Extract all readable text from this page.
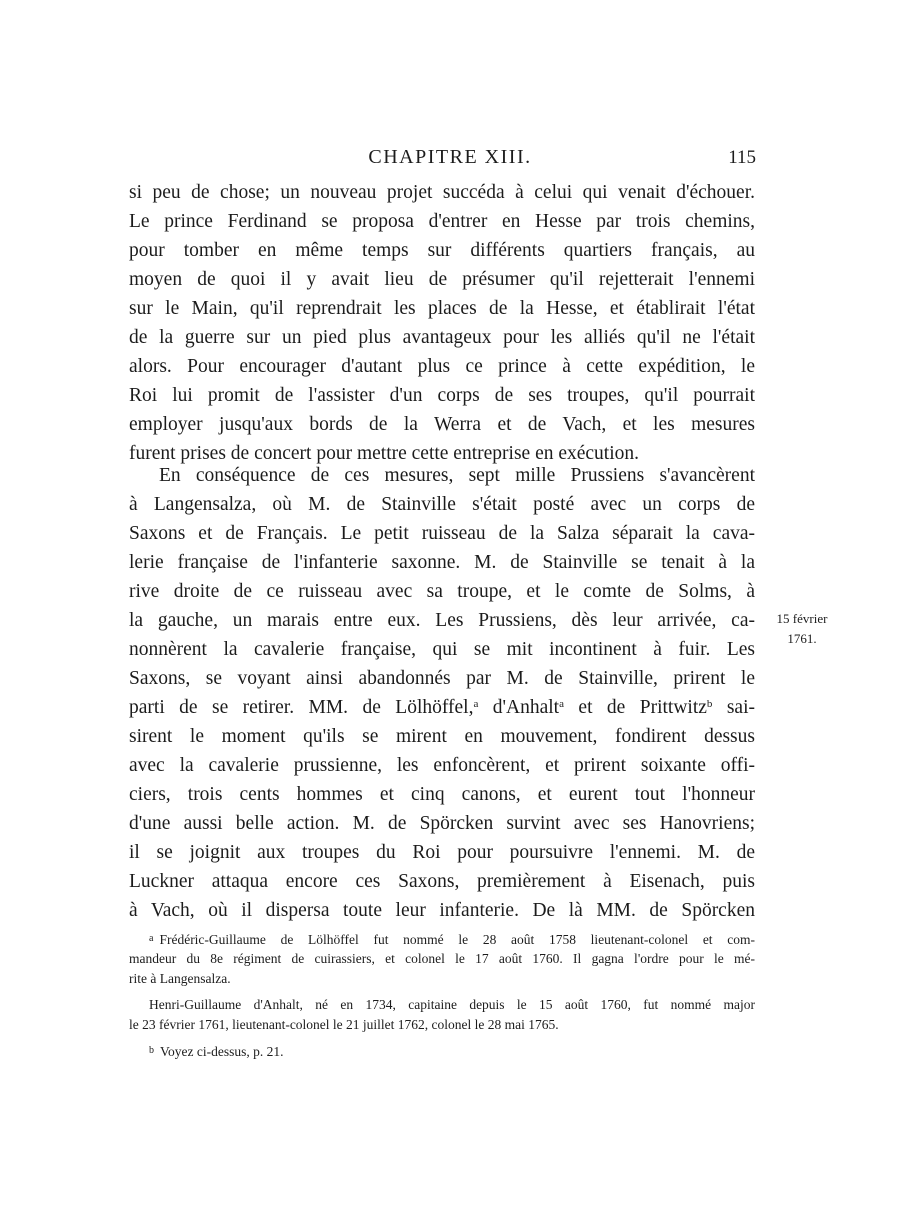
CHAPITRE XIII.	115
si peu de chose; un nouveau projet succéda à celui qui venait d'échouer.
Le prince Ferdinand se proposa d'entrer en Hesse par trois chemins,
pour tomber en même temps sur différents quartiers français, au
moyen de quoi il y avait lieu de présumer qu'il rejetterait l'ennemi
sur le Main, qu'il reprendrait les places de la Hesse, et établirait l'état
de la guerre sur un pied plus avantageux pour les alliés qu'il ne l'était
alors. Pour encourager d'autant plus ce prince à cette expédition, le
Roi lui promit de l'assister d'un corps de ses troupes, qu'il pourrait
employer jusqu'aux bords de la Werra et de Vach, et les mesures
furent prises de concert pour mettre cette entreprise en exécution.
En conséquence de ces mesures, sept mille Prussiens s'avancèrent
à Langensalza, où M. de Stainville s'était posté avec un corps de
Saxons et de Français. Le petit ruisseau de la Salza séparait la cava-
lerie française de l'infanterie saxonne. M. de Stainville se tenait à la
rive droite de ce ruisseau avec sa troupe, et le comte de Solms, à
la gauche, un marais entre eux. Les Prussiens, dès leur arrivée, ca-
nonnèrent la cavalerie française, qui se mit incontinent à fuir. Les
Saxons, se voyant ainsi abandonnés par M. de Stainville, prirent le
parti de se retirer. MM. de Lölhöffel,$^a$ d'Anhalt$^a$ et de Prittwitz$^b$ sai-
sirent le moment qu'ils se mirent en mouvement, fondirent dessus
avec la cavalerie prussienne, les enfoncèrent, et prirent soixante offi-
ciers, trois cents hommes et cinq canons, et eurent tout l'honneur
d'une aussi belle action. M. de Spörcken survint avec ses Hanovriens;
il se joignit aux troupes du Roi pour poursuivre l'ennemi. M. de
Luckner attaqua encore ces Saxons, premièrement à Eisenach, puis
à Vach, où il dispersa toute leur infanterie. De là MM. de Spörcken
15 février
1761.
$^a$ Frédéric-Guillaume de Lölhöffel fut nommé le 28 août 1758 lieutenant-colonel et com-
mandeur du 8e régiment de cuirassiers, et colonel le 17 août 1760. Il gagna l'ordre pour le mé-
rite à Langensalza.
Henri-Guillaume d'Anhalt, né en 1734, capitaine depuis le 15 août 1760, fut nommé major
le 23 février 1761, lieutenant-colonel le 21 juillet 1762, colonel le 28 mai 1765.
$^b$ Voyez ci-dessus, p. 21.
